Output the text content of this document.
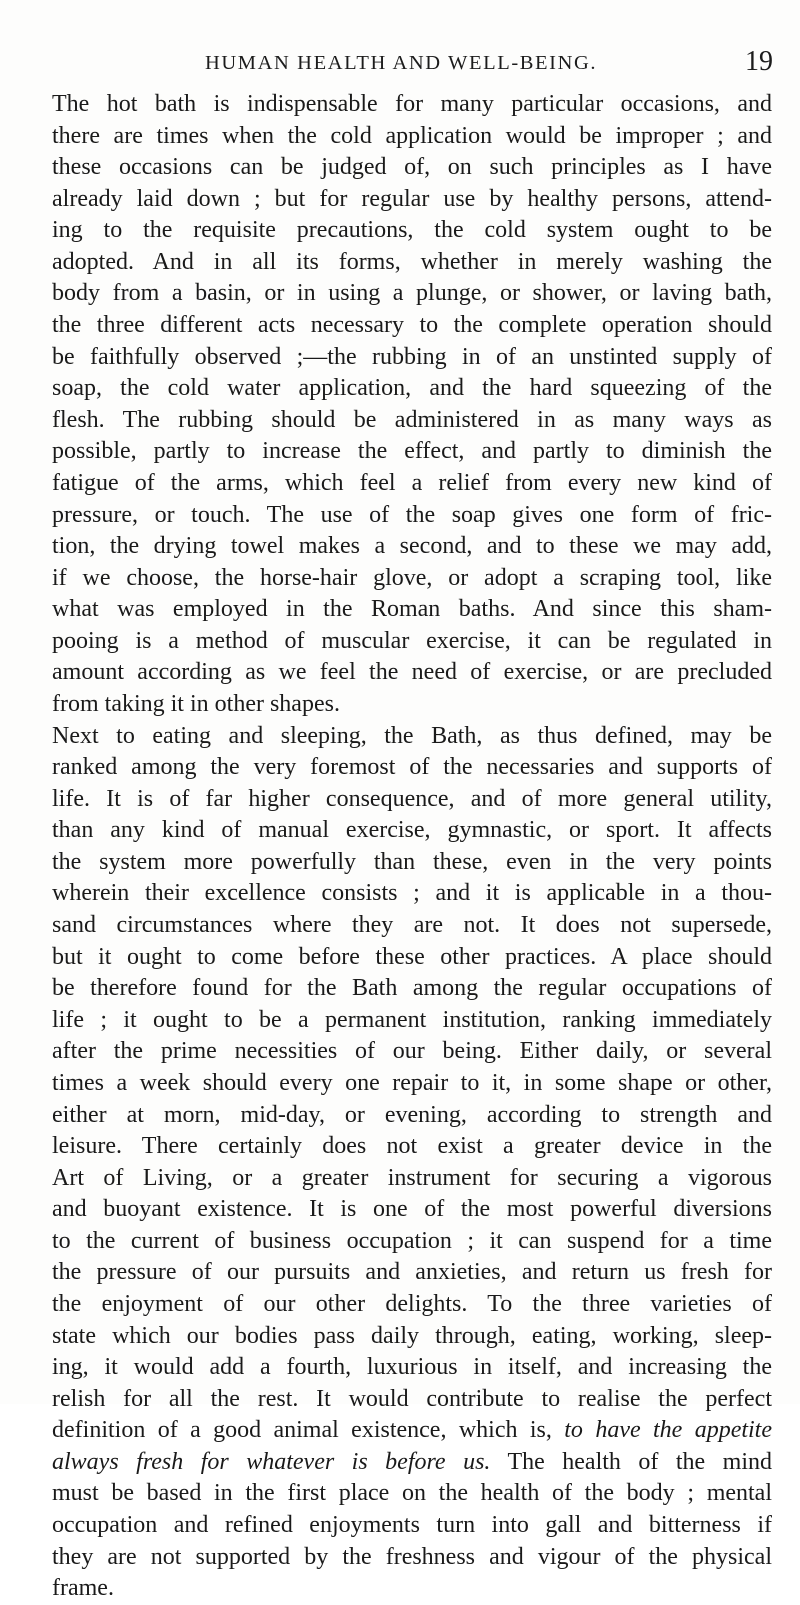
HUMAN HEALTH AND WELL-BEING.	19
The hot bath is indispensable for many particular occasions, and
there are times when the cold application would be improper ; and
these occasions can be judged of, on such principles as I have
already laid down ; but for regular use by healthy persons, attend-
ing to the requisite precautions, the cold system ought to be
adopted. And in all its forms, whether in merely washing the
body from a basin, or in using a plunge, or shower, or laving bath,
the three different acts necessary to the complete operation should
be faithfully observed ;—the rubbing in of an unstinted supply of
soap, the cold water application, and the hard squeezing of the
flesh. The rubbing should be administered in as many ways as
possible, partly to increase the effect, and partly to diminish the
fatigue of the arms, which feel a relief from every new kind of
pressure, or touch. The use of the soap gives one form of fric-
tion, the drying towel makes a second, and to these we may add,
if we choose, the horse-hair glove, or adopt a scraping tool, like
what was employed in the Roman baths. And since this sham-
pooing is a method of muscular exercise, it can be regulated in
amount according as we feel the need of exercise, or are precluded
from taking it in other shapes.
Next to eating and sleeping, the Bath, as thus defined, may be
ranked among the very foremost of the necessaries and supports of
life. It is of far higher consequence, and of more general utility,
than any kind of manual exercise, gymnastic, or sport. It affects
the system more powerfully than these, even in the very points
wherein their excellence consists ; and it is applicable in a thou-
sand circumstances where they are not. It does not supersede,
but it ought to come before these other practices. A place should
be therefore found for the Bath among the regular occupations of
life ; it ought to be a permanent institution, ranking immediately
after the prime necessities of our being. Either daily, or several
times a week should every one repair to it, in some shape or other,
either at morn, mid-day, or evening, according to strength and
leisure. There certainly does not exist a greater device in the
Art of Living, or a greater instrument for securing a vigorous
and buoyant existence. It is one of the most powerful diversions
to the current of business occupation ; it can suspend for a time
the pressure of our pursuits and anxieties, and return us fresh for
the enjoyment of our other delights. To the three varieties of
state which our bodies pass daily through, eating, working, sleep-
ing, it would add a fourth, luxurious in itself, and increasing the
relish for all the rest. It would contribute to realise the perfect
definition of a good animal existence, which is, to have the appetite
always fresh for whatever is before us. The health of the mind
must be based in the first place on the health of the body ; mental
occupation and refined enjoyments turn into gall and bitterness if
they are not supported by the freshness and vigour of the physical
frame.
